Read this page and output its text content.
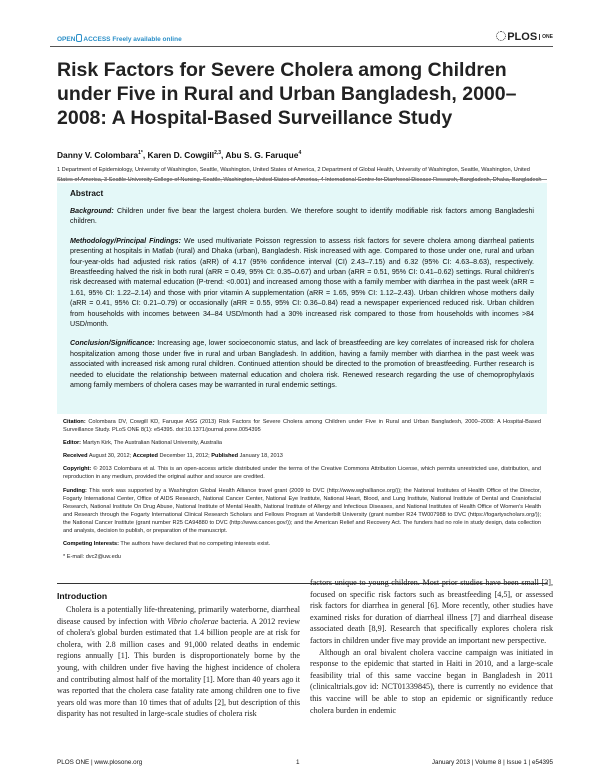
OPEN ACCESS Freely available online	PLOS ONE
Risk Factors for Severe Cholera among Children under Five in Rural and Urban Bangladesh, 2000–2008: A Hospital-Based Surveillance Study
Danny V. Colombara$^{1*}$, Karen D. Cowgill$^{2,3}$, Abu S. G. Faruque$^4$
1 Department of Epidemiology, University of Washington, Seattle, Washington, United States of America, 2 Department of Global Health, University of Washington, Seattle, Washington, United States of America, 3 Seattle University College of Nursing, Seattle, Washington, United States of America, 4 International Centre for Diarrhoeal Disease Research, Bangladesh, Dhaka, Bangladesh
Abstract

Background: Children under five bear the largest cholera burden. We therefore sought to identify modifiable risk factors among Bangladeshi children.

Methodology/Principal Findings: We used multivariate Poisson regression to assess risk factors for severe cholera among diarrheal patients presenting at hospitals in Matlab (rural) and Dhaka (urban), Bangladesh. Risk increased with age. Compared to those under one, rural and urban four-year-olds had adjusted risk ratios (aRR) of 4.17 (95% confidence interval (CI) 2.43–7.15) and 6.32 (95% CI: 4.63–8.63), respectively. Breastfeeding halved the risk in both rural (aRR = 0.49, 95% CI: 0.35–0.67) and urban (aRR = 0.51, 95% CI: 0.41–0.62) settings. Rural children's risk decreased with maternal education (P-trend: <0.001) and increased among those with a family member with diarrhea in the past week (aRR = 1.61, 95% CI: 1.22–2.14) and those with prior vitamin A supplementation (aRR = 1.65, 95% CI: 1.12–2.43). Urban children whose mothers daily (aRR = 0.41, 95% CI: 0.21–0.79) or occasionally (aRR = 0.55, 95% CI: 0.36–0.84) read a newspaper experienced reduced risk. Urban children from households with incomes between 34–84 USD/month had a 30% increased risk compared to those from households with incomes >84 USD/month.

Conclusion/Significance: Increasing age, lower socioeconomic status, and lack of breastfeeding are key correlates of increased risk for cholera hospitalization among those under five in rural and urban Bangladesh. In addition, having a family member with diarrhea in the past week was associated with increased risk among rural children. Continued attention should be directed to the promotion of breastfeeding. Further research is needed to elucidate the relationship between maternal education and cholera risk. Renewed research regarding the use of chemoprophylaxis among family members of cholera cases may be warranted in rural endemic settings.

Citation: Colombara DV, Cowgill KD, Faruque ASG (2013) Risk Factors for Severe Cholera among Children under Five in Rural and Urban Bangladesh, 2000–2008: A Hospital-Based Surveillance Study. PLoS ONE 8(1): e54395. doi:10.1371/journal.pone.0054395

Editor: Martyn Kirk, The Australian National University, Australia

Received August 30, 2012; Accepted December 11, 2012; Published January 18, 2013

Copyright: © 2013 Colombara et al. This is an open-access article distributed under the terms of the Creative Commons Attribution License, which permits unrestricted use, distribution, and reproduction in any medium, provided the original author and source are credited.

Funding: This work was supported by a Washington Global Health Alliance travel grant (2009 to DVC (http://www.wghalliance.org/)); the National Institutes of Health Office of the Director, Fogarty International Center, Office of AIDS Research, National Cancer Center, National Eye Institute, National Heart, Blood, and Lung Institute, National Institute of Dental and Craniofacial Research, National Institute On Drug Abuse, National Institute of Mental Health, National Institute of Allergy and Infectious Diseases, and National Institutes of Health Office of Women's Health and Research through the Fogarty International Clinical Research Scholars and Fellows Program at Vanderbilt University (grant number R24 TW007988 to DVC (https://fogartyscholars.org/)); the National Cancer Institute (grant number R25 CA94880 to DVC (http://www.cancer.gov/)); and the American Relief and Recovery Act. The funders had no role in study design, data collection and analysis, decision to publish, or preparation of the manuscript.

Competing Interests: The authors have declared that no competing interests exist.

* E-mail: dvc2@uw.edu

Introduction

Cholera is a potentially life-threatening, primarily waterborne, diarrheal disease caused by infection with Vibrio cholerae bacteria. A 2012 review of cholera's global burden estimated that 1.4 billion people are at risk for cholera, with 2.8 million cases and 91,000 related deaths in endemic regions annually [1]. This burden is disproportionately borne by the young, with children under five having the highest incidence of cholera and contributing almost half of the mortality [1]. More than 40 years ago it was reported that the cholera case fatality rate among children one to five years old was more than 10 times that of adults [2], but description of this disparity has not resulted in large-scale studies of cholera risk

factors unique to young children. Most prior studies have been small [3], focused on specific risk factors such as breastfeeding [4,5], or assessed risk factors for diarrhea in general [6]. More recently, other studies have examined risks for duration of diarrheal illness [7] and diarrheal disease associated death [8,9]. Research that specifically explores cholera risk factors in children under five may provide an important new perspective.

Although an oral bivalent cholera vaccine campaign was initiated in response to the epidemic that started in Haiti in 2010, and a large-scale feasibility trial of this same vaccine began in Bangladesh in 2011 (clinicaltrials.gov id: NCT01339845), there is currently no evidence that this vaccine will be able to stop an epidemic or significantly reduce cholera burden in endemic

PLOS ONE | www.plosone.org	1	January 2013 | Volume 8 | Issue 1 | e54395
